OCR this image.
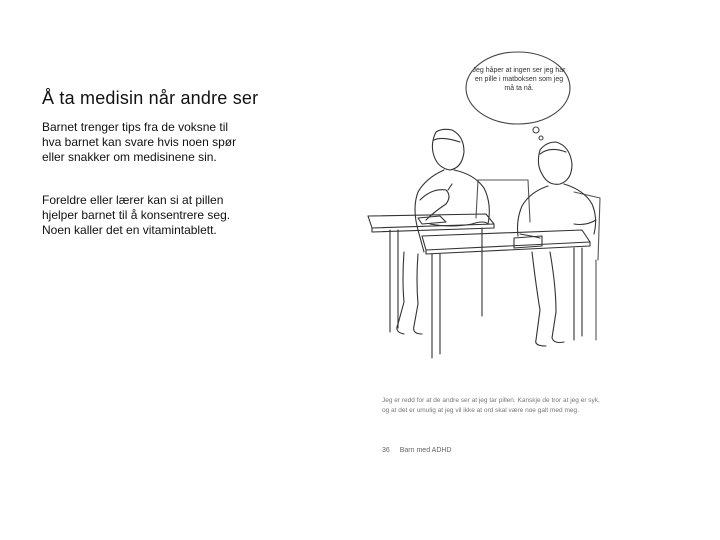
Å ta medisin når andre ser

Barnet trenger tips fra de voksne til
hva barnet kan svare hvis noen spør
eller snakker om medisinene sin.

Foreldre eller lærer kan si at pillen
hjelper barnet til å konsentrere seg.
Noen kaller det en vitamintablett.

Jeg håper at ingen ser jeg har en pille i matboksen som jeg må ta nå.

Jeg er redd for at de andre ser at jeg tar pillen. Kanskje de tror at jeg er syk, og at det er umulig at jeg vil ikke at ord skal være noe galt med meg.

36 Barn med ADHD
